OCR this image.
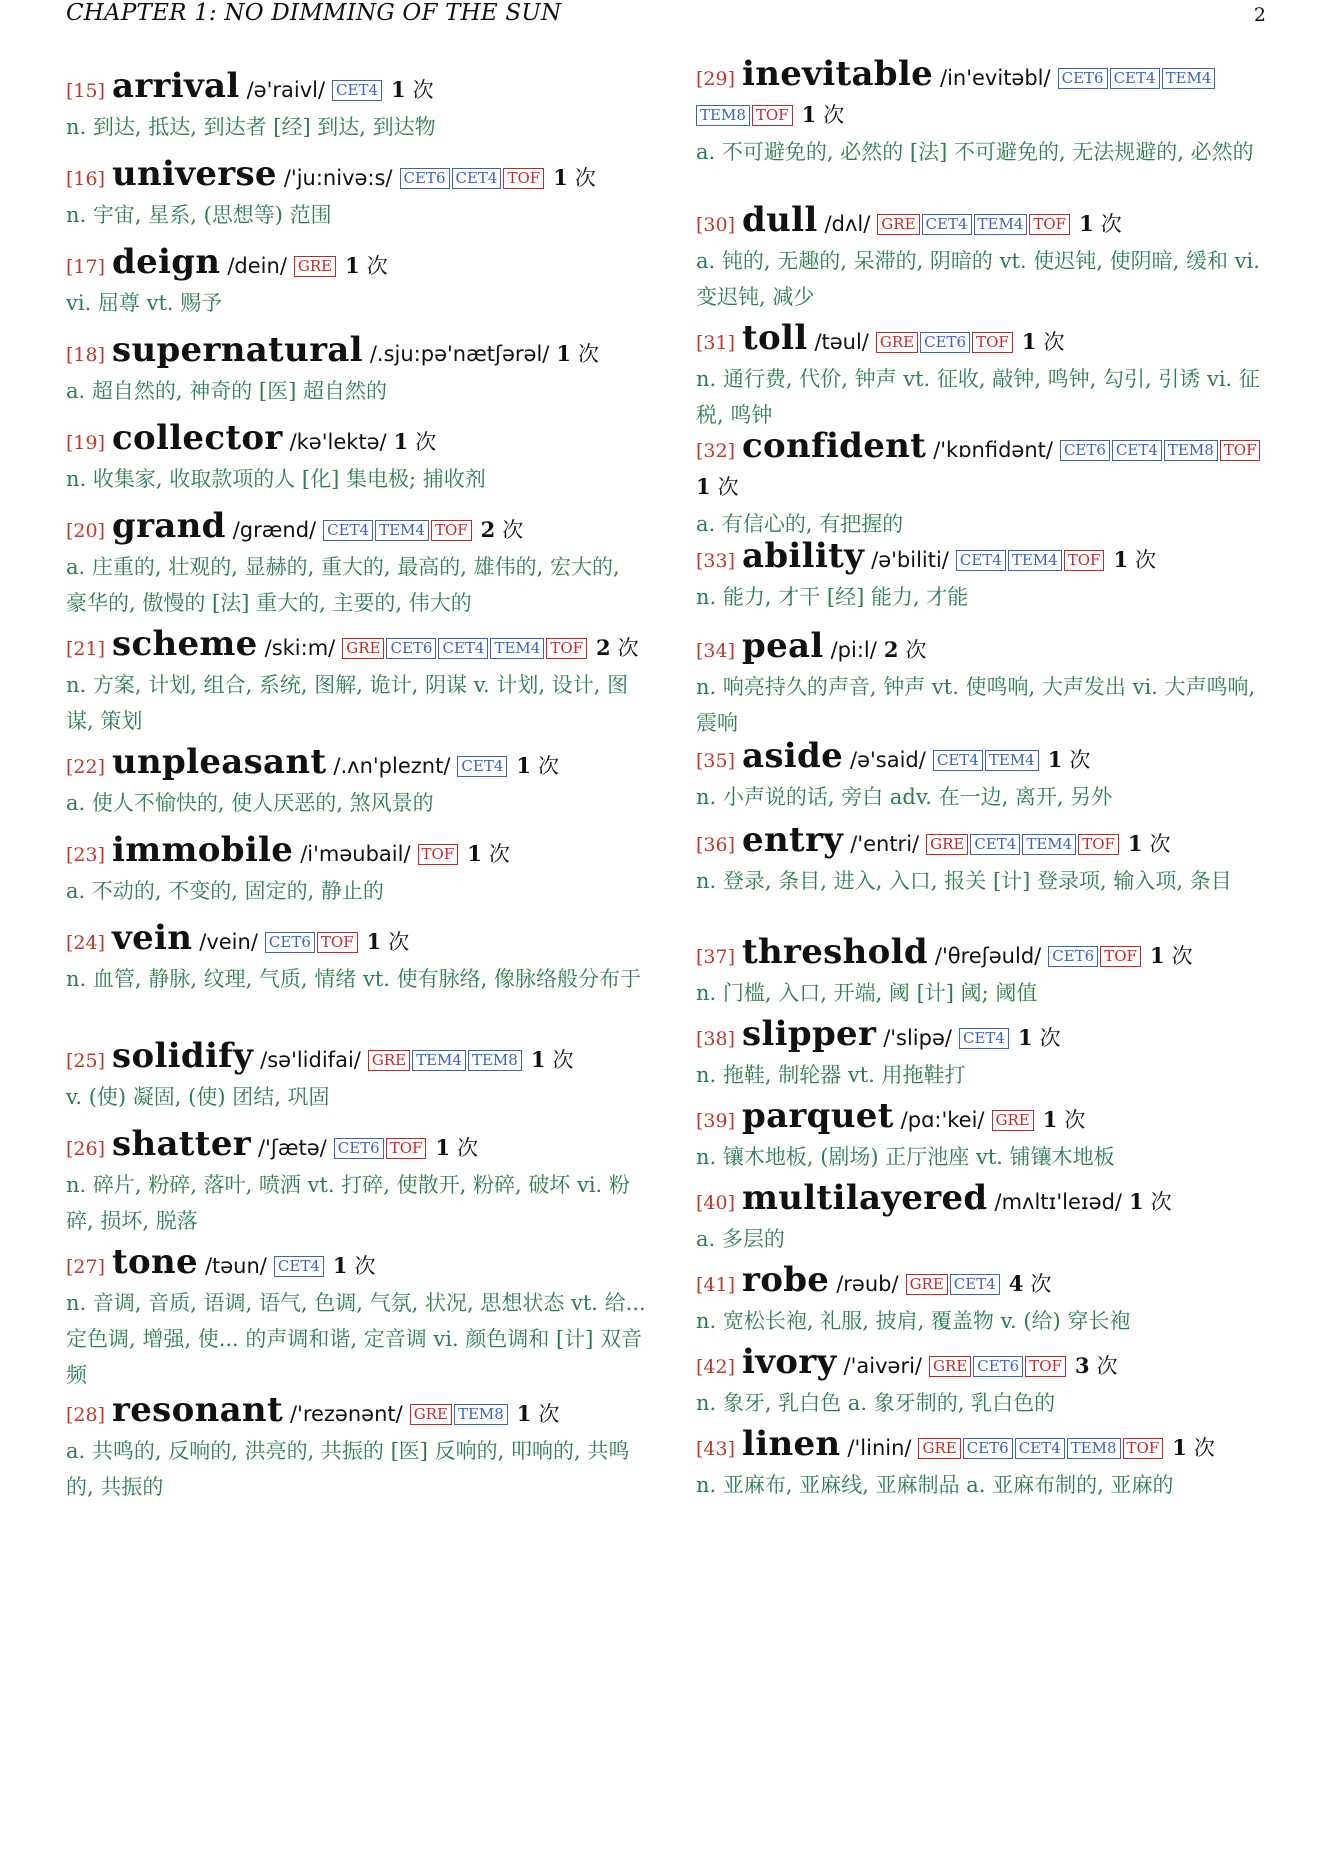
CHAPTER 1: NO DIMMING OF THE SUN	2
[15] arrival /ə'raivl/ CET4 1 次
n. 到达, 抵达, 到达者 [经] 到达, 到达物
[16] universe /'ju:nivə:s/ CET6 CET4 TOF 1 次
n. 宇宙, 星系, (思想等) 范围
[17] deign /dein/ GRE 1 次
vi. 屈尊 vt. 赐予
[18] supernatural /.sju:pə'nætʃərəl/ 1 次
a. 超自然的, 神奇的 [医] 超自然的
[19] collector /kə'lektə/ 1 次
n. 收集家, 收取款项的人 [化] 集电极; 捕收剂
[20] grand /grænd/ CET4 TEM4 TOF 2 次
a. 庄重的, 壮观的, 显赫的, 重大的, 最高的, 雄伟的, 宏大的, 豪华的, 傲慢的 [法] 重大的, 主要的, 伟大的
[21] scheme /ski:m/ GRE CET6 CET4 TEM4 TOF 2 次
n. 方案, 计划, 组合, 系统, 图解, 诡计, 阴谋 v. 计划, 设计, 图谋, 策划
[22] unpleasant /.ʌn'pleznt/ CET4 1 次
a. 使人不愉快的, 使人厌恶的, 煞风景的
[23] immobile /i'məubail/ TOF 1 次
a. 不动的, 不变的, 固定的, 静止的
[24] vein /vein/ CET6 TOF 1 次
n. 血管, 静脉, 纹理, 气质, 情绪 vt. 使有脉络, 像脉络般分布于
[25] solidify /sə'lidifai/ GRE TEM4 TEM8 1 次
v. (使) 凝固, (使) 团结, 巩固
[26] shatter /'ʃætə/ CET6 TOF 1 次
n. 碎片, 粉碎, 落叶, 喷洒 vt. 打碎, 使散开, 粉碎, 破坏 vi. 粉碎, 损坏, 脱落
[27] tone /təun/ CET4 1 次
n. 音调, 音质, 语调, 语气, 色调, 气氛, 状况, 思想状态 vt. 给... 定色调, 增强, 使... 的声调和谐, 定音调 vi. 颜色调和 [计] 双音频
[28] resonant /'rezənənt/ GRE TEM8 1 次
a. 共鸣的, 反响的, 洪亮的, 共振的 [医] 反响的, 叩响的, 共鸣的, 共振的
[29] inevitable /in'evitəbl/ CET6 CET4 TEM4TEM8 TOF 1 次
a. 不可避免的, 必然的 [法] 不可避免的, 无法规避的, 必然的
[30] dull /dʌl/ GRE CET4 TEM4 TOF 1 次
a. 钝的, 无趣的, 呆滞的, 阴暗的 vt. 使迟钝, 使阴暗, 缓和 vi. 变迟钝, 减少
[31] toll /təul/ GRE CET6 TOF 1 次
n. 通行费, 代价, 钟声 vt. 征收, 敲钟, 鸣钟, 勾引, 引诱 vi. 征税, 鸣钟
[32] confident /'kɒnfidənt/ CET6 CET4 TEM8 TOF 1 次
a. 有信心的, 有把握的
[33] ability /ə'biliti/ CET4 TEM4 TOF 1 次
n. 能力, 才干 [经] 能力, 才能
[34] peal /pi:l/ 2 次
n. 响亮持久的声音, 钟声 vt. 使鸣响, 大声发出 vi. 大声鸣响, 震响
[35] aside /ə'said/ CET4 TEM4 1 次
n. 小声说的话, 旁白 adv. 在一边, 离开, 另外
[36] entry /'entri/ GRE CET4 TEM4 TOF 1 次
n. 登录, 条目, 进入, 入口, 报关 [计] 登录项, 输入项, 条目
[37] threshold /'θreʃəuld/ CET6 TOF 1 次
n. 门槛, 入口, 开端, 阈 [计] 阈; 阈值
[38] slipper /'slipə/ CET4 1 次
n. 拖鞋, 制轮器 vt. 用拖鞋打
[39] parquet /pɑ:'kei/ GRE 1 次
n. 镶木地板, (剧场) 正厅池座 vt. 铺镶木地板
[40] multilayered /mʌltɪ'leɪəd/ 1 次
a. 多层的
[41] robe /rəub/ GRE CET4 4 次
n. 宽松长袍, 礼服, 披肩, 覆盖物 v. (给) 穿长袍
[42] ivory /'aivəri/ GRE CET6 TOF 3 次
n. 象牙, 乳白色 a. 象牙制的, 乳白色的
[43] linen /'linin/ GRE CET6 CET4 TEM8 TOF 1 次
n. 亚麻布, 亚麻线, 亚麻制品 a. 亚麻布制的, 亚麻的
